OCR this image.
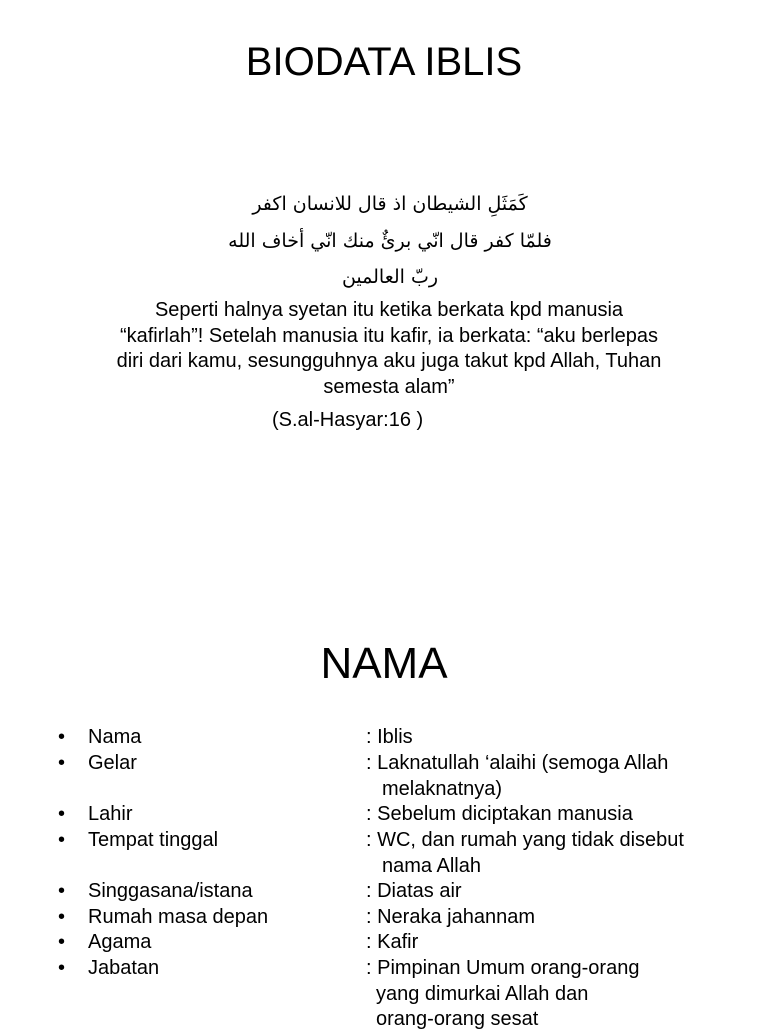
BIODATA IBLIS
كَمَثَلِ الشيطان اذ قال للانسان اكفر
فلمّا كفر قال انّي برئٌ منك انّي أخاف الله
ربّ العالمين
Seperti halnya syetan itu ketika berkata kpd manusia “kafirlah”! Setelah manusia itu kafir, ia berkata: “aku berlepas diri dari kamu, sesungguhnya aku juga takut kpd Allah, Tuhan semesta alam”
(S.al-Hasyar:16 )
NAMA
• Nama	: Iblis
• Gelar	: Laknatullah ‘alaihi (semoga Allah
melaknatnya)
• Lahir	: Sebelum diciptakan manusia
• Tempat tinggal	: WC, dan rumah yang tidak disebut
nama Allah
• Singgasana/istana	: Diatas air
• Rumah masa depan	: Neraka jahannam
• Agama	: Kafir
• Jabatan	: Pimpinan Umum orang-orang
yang dimurkai Allah dan
orang-orang sesat
